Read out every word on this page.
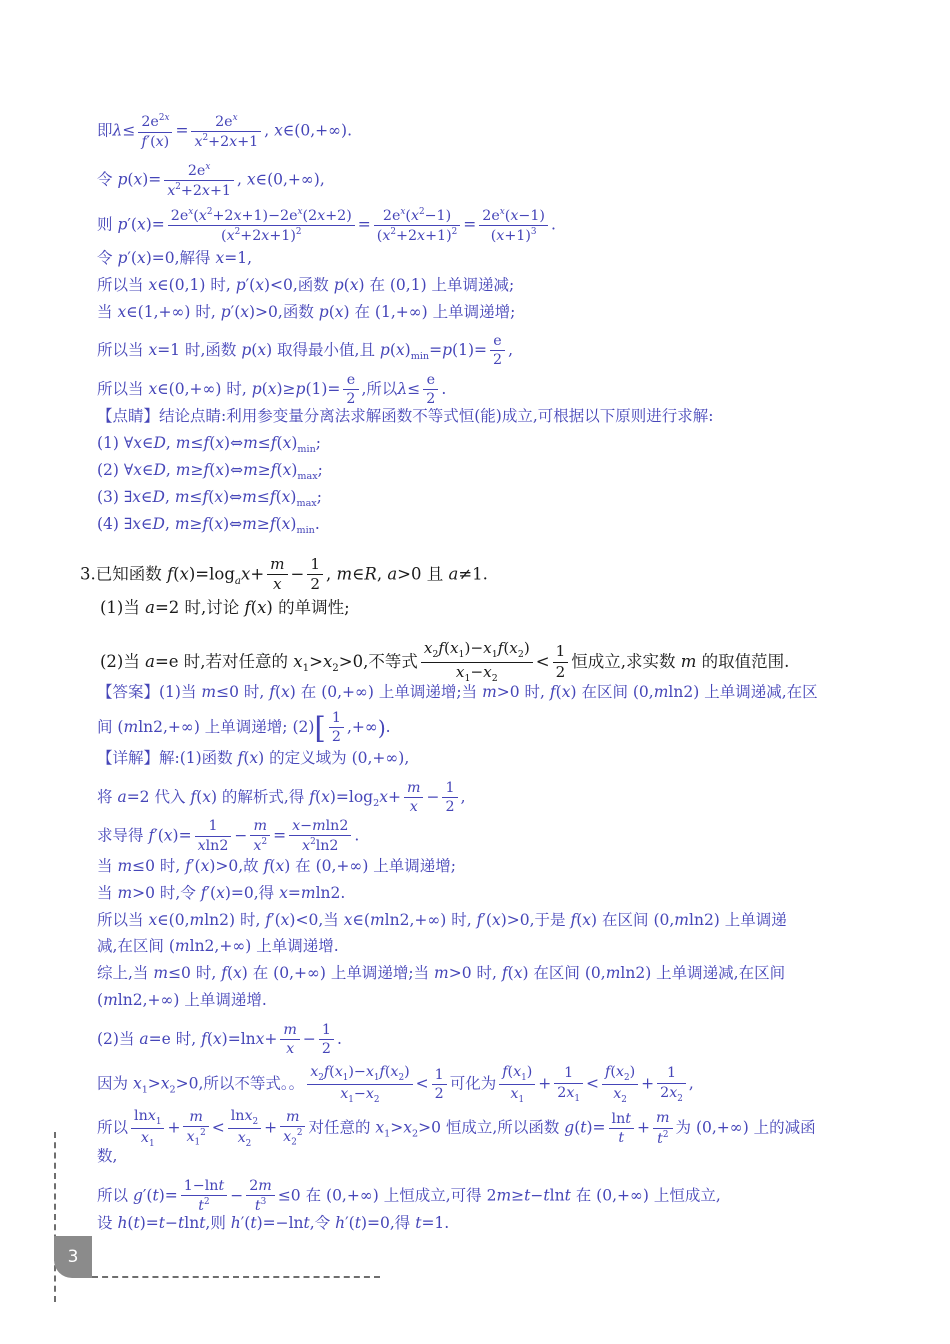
即$\lambda\le \frac{2e^{2x}}{f'(x)} = \frac{2e^x}{x^2+2x+1}$ , x∈(0,+∞).
令 $p(x)= \frac{2e^x}{x^2+2x+1}$ , x∈(0,+∞),
则 $p'(x)= \frac{2e^x(x^2+2x+1)-2e^x(2x+2)}{(x^2+2x+1)^2} = \frac{2e^x(x^2-1)}{(x^2+2x+1)^2} = \frac{2e^x(x-1)}{(x+1)^3}$ .
令 p′(x)=0,解得 x=1,
所以当 x∈(0,1) 时, p′(x)<0,函数 p(x) 在 (0,1) 上单调递减;
当 x∈(1,+∞) 时, p′(x)>0,函数 p(x) 在 (1,+∞) 上单调递增;
所以当 x=1 时,函数 p(x) 取得最小值,且 $p(x)_{min}=p(1)= \frac{e}{2}$ ,
所以当 x∈(0,+∞) 时, $p(x)\ge p(1)= \frac{e}{2}$ ,所以$\lambda\le \frac{e}{2}$ .
【点睛】结论点睛:利用参变量分离法求解函数不等式恒(能)成立,可根据以下原则进行求解:
(1) ∀x∈D, $m\le f(x)\Leftrightarrow m\le f(x)_{min}$;
(2) ∀x∈D, $m\ge f(x)\Leftrightarrow m\ge f(x)_{max}$;
(3) ∃x∈D, $m\le f(x)\Leftrightarrow m\le f(x)_{max}$;
(4) ∃x∈D, $m\ge f(x)\Leftrightarrow m\ge f(x)_{min}$.
3.已知函数 $f(x)=\log_ax+ \frac{m}{x} - \frac{1}{2}$ , m∈R, a>0 且 a≠1.
(1)当 a=2 时,讨论 f(x) 的单调性;
(2)当 a=e 时,若对任意的 $x_1>x_2>0$,不等式 $\frac{x_2f(x_1)-x_1f(x_2)}{x_1-x_2} < \frac{1}{2}$ 恒成立,求实数 m 的取值范围.
【答案】(1)当 m≤0 时, f(x) 在 (0,+∞) 上单调递增;当 m>0 时, f(x) 在区间 (0,mln2) 上单调递减,在区
间 (mln2,+∞) 上单调递增; $(2)[ \frac{1}{2}$ ,+∞).
【详解】解:(1)函数 f(x) 的定义域为 (0,+∞),
将 a=2 代入 f(x) 的解析式,得 $f(x)=\log_2x+ \frac{m}{x} - \frac{1}{2}$ ,
求导得 $f'(x)= \frac{1}{xln2} - \frac{m}{x^2} = \frac{x-mln2}{x^2\ln 2}$ .
当 m≤0 时, f′(x)>0,故 f(x) 在 (0,+∞) 上单调递增;
当 m>0 时,令 f′(x)=0,得 x=mln2.
所以当 x∈(0,mln2) 时, f′(x)<0,当 x∈(mln2,+∞) 时, f′(x)>0,于是 f(x) 在区间 (0,mln2) 上单调递
减,在区间 (mln2,+∞) 上单调递增.
综上,当 m≤0 时, f(x) 在 (0,+∞) 上单调递增;当 m>0 时, f(x) 在区间 (0,mln2) 上单调递减,在区间
(mln2,+∞) 上单调递增.
(2)当 a=e 时, $f(x)=\ln x+ \frac{m}{x} - \frac{1}{2}$ .
因为 $x_1>x_2>0$,所以不等式。。 $\frac{x_2f(x_1)-x_1f(x_2)}{x_1-x_2} < \frac{1}{2}$ 可化为 $\frac{f(x_1)}{x_1} + \frac{1}{2x_1} < \frac{f(x_2)}{x_2} + \frac{1}{2x_2}$ ,
所以 $\frac{\ln x_1}{x_1} + \frac{m}{x_1^2} < \frac{\ln x_2}{x_2} + \frac{m}{x_2^2}$ 对任意的 $x_1>x_2>0$ 恒成立,所以函数 $g(t)= \frac{\ln t}{t} + \frac{m}{t^2}$ 为 (0,+∞) 上的减函
数,
所以 $g'(t)= \frac{1-\ln t}{t^2} - \frac{2m}{t^3} \le 0$ 在 (0,+∞) 上恒成立,可得 2m≥t−tlnt 在 (0,+∞) 上恒成立,
设 h(t)=t−tlnt,则 h′(t)=−lnt,令 h′(t)=0,得 t=1.
3
